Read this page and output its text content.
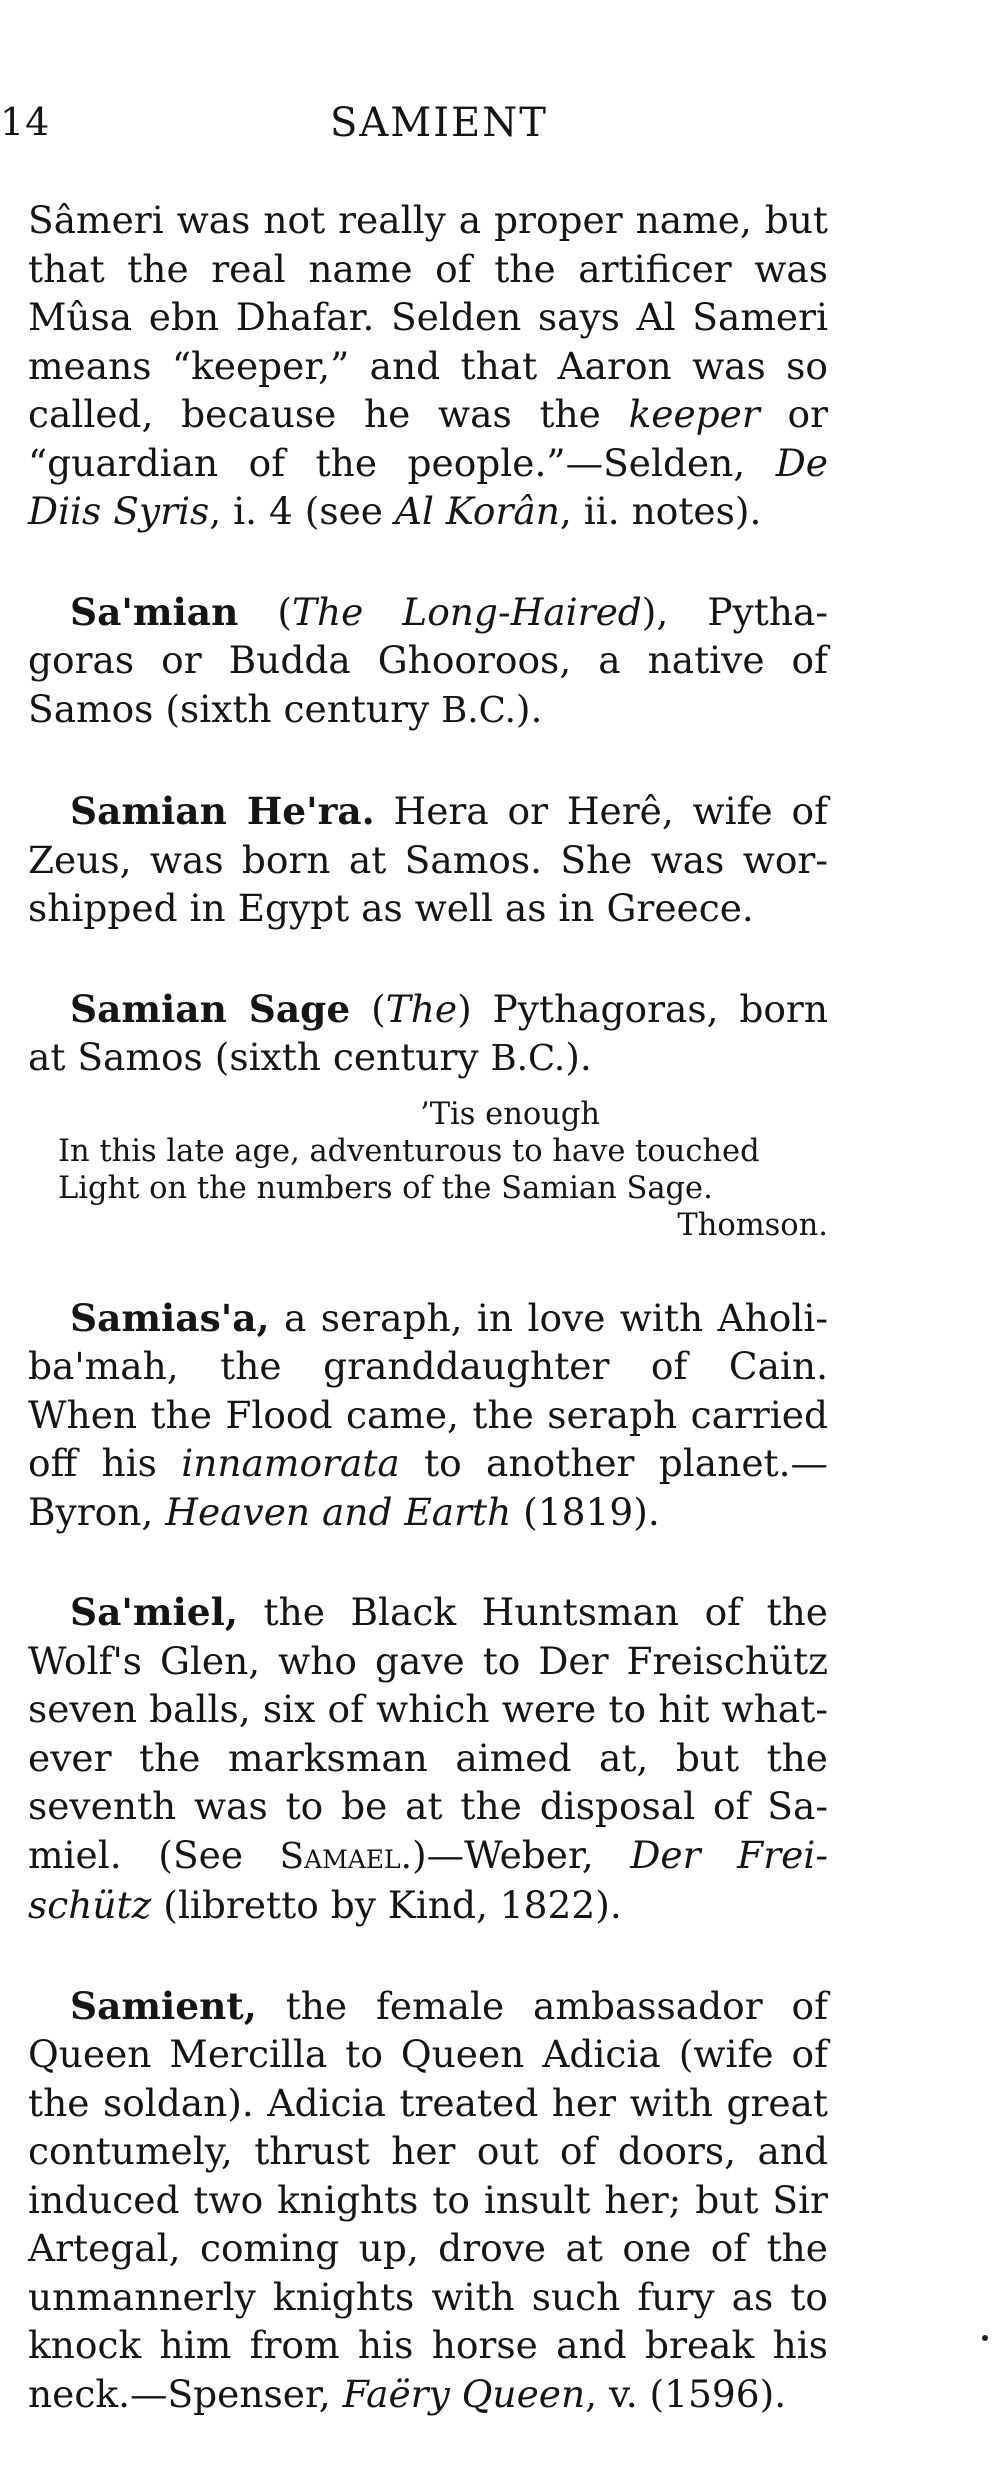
14	SAMIENT

Sâmeri was not really a proper name, but that the real name of the artificer was Mûsa ebn Dhafar. Selden says Al Sameri means “keeper,” and that Aaron was so called, because he was the keeper or “guardian of the people.”—Selden, De Diis Syris, i. 4 (see Al Korân, ii. notes).

Sa'mian (The Long-Haired), Pythagoras or Budda Ghooroos, a native of Samos (sixth century B.C.).

Samian He'ra. Hera or Herê, wife of Zeus, was born at Samos. She was worshipped in Egypt as well as in Greece.

Samian Sage (The) Pythagoras, born at Samos (sixth century B.C.).

’Tis enough
In this late age, adventurous to have touched
Light on the numbers of the Samian Sage.
Thomson.

Samias'a, a seraph, in love with Aholiba'mah, the granddaughter of Cain. When the Flood came, the seraph carried off his innamorata to another planet.—Byron, Heaven and Earth (1819).

Sa'miel, the Black Huntsman of the Wolf's Glen, who gave to Der Freischütz seven balls, six of which were to hit whatever the marksman aimed at, but the seventh was to be at the disposal of Samiel. (See Samael.)—Weber, Der Freischütz (libretto by Kind, 1822).

Samient, the female ambassador of Queen Mercilla to Queen Adicia (wife of the soldan). Adicia treated her with great contumely, thrust her out of doors, and induced two knights to insult her; but Sir Artegal, coming up, drove at one of the unmannerly knights with such fury as to knock him from his horse and break his neck.—Spenser, Faëry Queen, v. (1596).
